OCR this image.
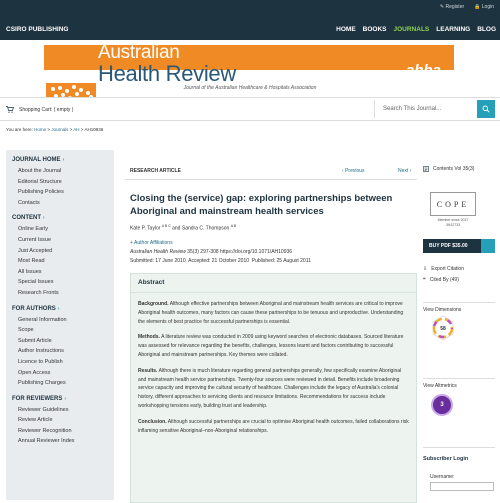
✎ Register 🔒 Login
CSIRO PUBLISHING	HOME BOOKS JOURNALS LEARNING BLOG
Australian
Health Review	ahha
Journal of the Australian Healthcare & Hospitals Association
Shopping Cart: ( empty )	Search This Journal...
You are here: Home > Journals > AH > AH10936
JOURNAL HOME ›
About the Journal
Editorial Structure
Publishing Policies
Contacts
CONTENT ›
Online Early
Current Issue
Just Accepted
Most Read
All Issues
Special Issues
Research Fronts
FOR AUTHORS ›
General Information
Scope
Submit Article
Author Instructions
Licence to Publish
Open Access
Publishing Charges
FOR REVIEWERS ›
Reviewer Guidelines
Review Article
Reviewer Recognition
Annual Reviewer Index
RESEARCH ARTICLE	‹ Previous	Next ›
Closing the (service) gap: exploring partnerships between Aboriginal and mainstream health services
Kate P. Taylor $^{A B C}$ and Sandra C. Thompson $^{A B}$
+ Author Affiliations
Australian Health Review 35(3) 297-308 https://doi.org/10.1071/AH10936
Submitted: 17 June 2010 Accepted: 21 October 2010 Published: 25 August 2011
Abstract
Background. Although effective partnerships between Aboriginal and mainstream health services are critical to improve Aboriginal health outcomes, many factors can cause these partnerships to be tenuous and unproductive. Understanding the elements of best practice for successful partnerships is essential.
Methods. A literature review was conducted in 2009 using keyword searches of electronic databases. Sourced literature was assessed for relevance regarding the benefits, challenges, lessons learnt and factors contributing to successful Aboriginal and mainstream partnerships. Key themes were collated.
Results. Although there is much literature regarding general partnerships generally, few specifically examine Aboriginal and mainstream health service partnerships. Twenty-four sources were reviewed in detail. Benefits include broadening service capacity and improving the cultural security of healthcare. Challenges include the legacy of Australia's colonial history, different approaches to servicing clients and resource limitations. Recommendations for success include workshopping tensions early, building trust and leadership.
Conclusion. Although successful partnerships are crucial to optimise Aboriginal health outcomes, failed collaborations risk inflaming sensitive Aboriginal–non-Aboriginal relationships.
Contents Vol 35(3)
COPE
Member since 2017
JM12733
BUY PDF $35.00
⇩ Export Citation
❝ Cited By (49)
View Dimensions
58
View Altmetrics
3
Subscriber Login
Username:
